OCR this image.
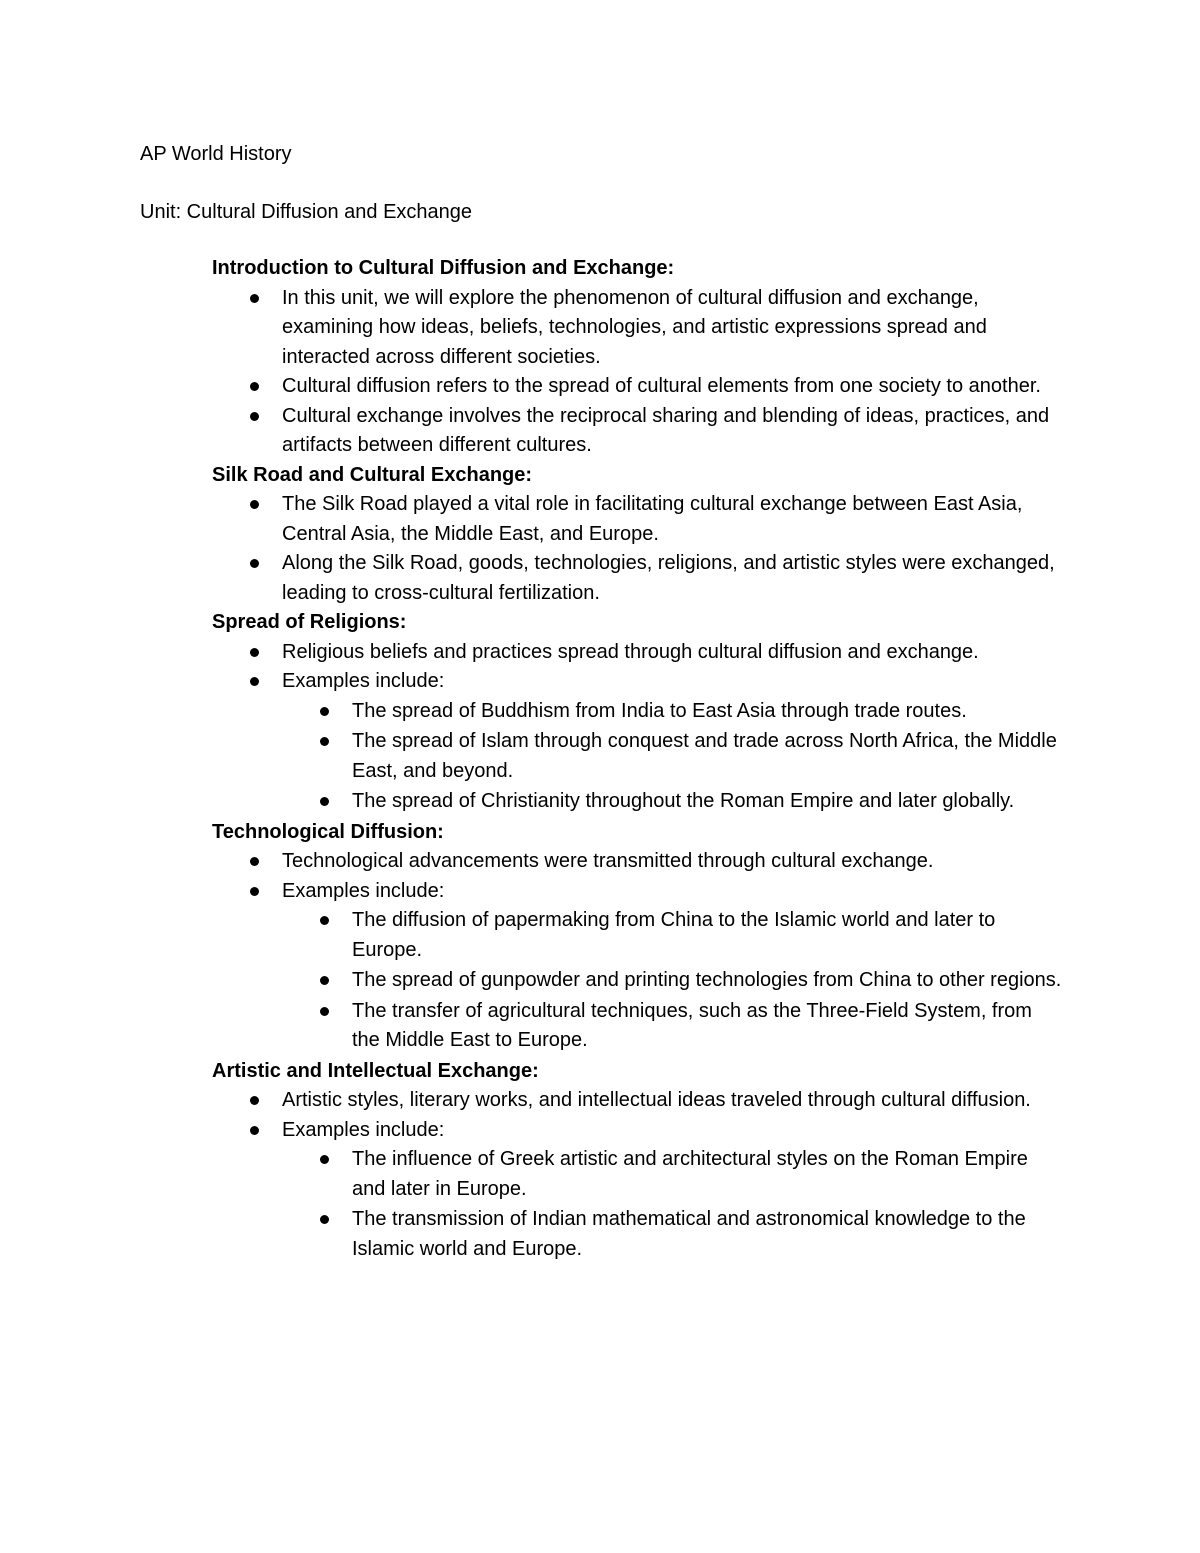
AP World History

Unit: Cultural Diffusion and Exchange

Introduction to Cultural Diffusion and Exchange:

In this unit, we will explore the phenomenon of cultural diffusion and exchange, examining how ideas, beliefs, technologies, and artistic expressions spread and interacted across different societies.
Cultural diffusion refers to the spread of cultural elements from one society to another.
Cultural exchange involves the reciprocal sharing and blending of ideas, practices, and artifacts between different cultures.

Silk Road and Cultural Exchange:

The Silk Road played a vital role in facilitating cultural exchange between East Asia, Central Asia, the Middle East, and Europe.
Along the Silk Road, goods, technologies, religions, and artistic styles were exchanged, leading to cross-cultural fertilization.

Spread of Religions:

Religious beliefs and practices spread through cultural diffusion and exchange.
Examples include:
The spread of Buddhism from India to East Asia through trade routes.
The spread of Islam through conquest and trade across North Africa, the Middle East, and beyond.
The spread of Christianity throughout the Roman Empire and later globally.

Technological Diffusion:

Technological advancements were transmitted through cultural exchange.
Examples include:
The diffusion of papermaking from China to the Islamic world and later to Europe.
The spread of gunpowder and printing technologies from China to other regions.
The transfer of agricultural techniques, such as the Three-Field System, from the Middle East to Europe.

Artistic and Intellectual Exchange:

Artistic styles, literary works, and intellectual ideas traveled through cultural diffusion.
Examples include:
The influence of Greek artistic and architectural styles on the Roman Empire and later in Europe.
The transmission of Indian mathematical and astronomical knowledge to the Islamic world and Europe.
